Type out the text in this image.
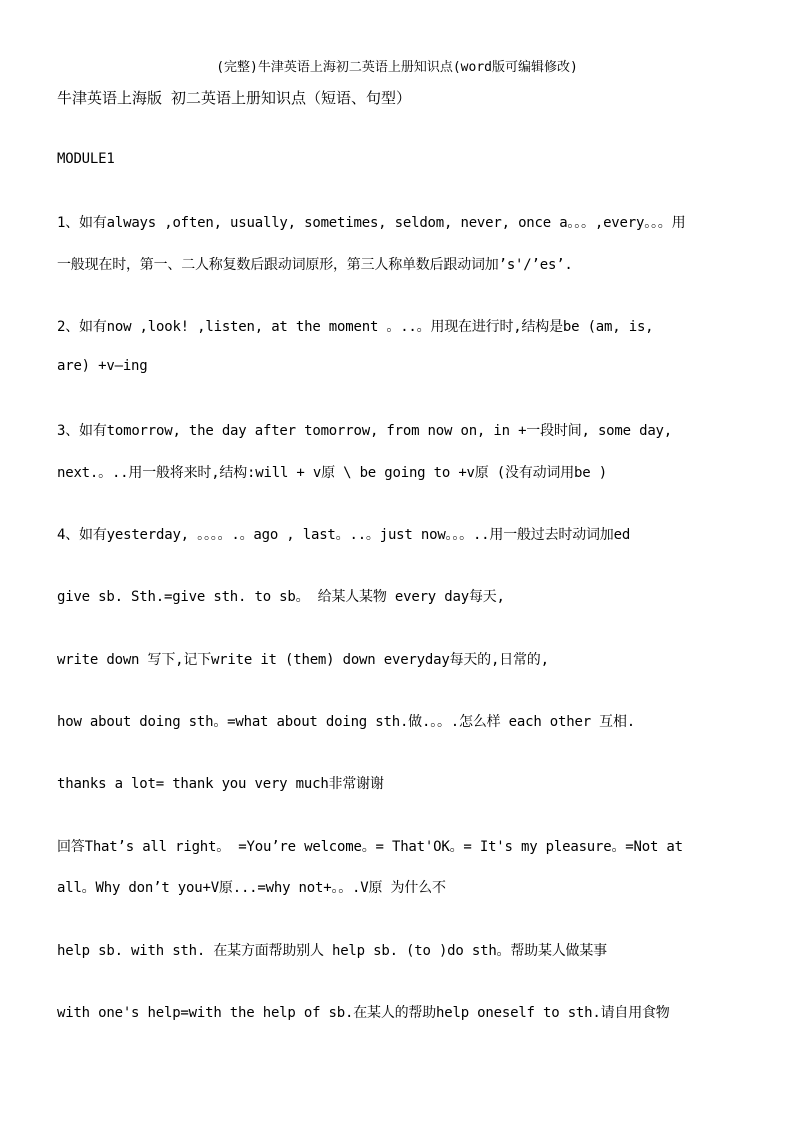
(完整)牛津英语上海初二英语上册知识点(word版可编辑修改)
牛津英语上海版 初二英语上册知识点（短语、句型）
MODULE1
1、如有always ,often, usually, sometimes, seldom, never, once a。。。,every。。。用
一般现在时，第一、二人称复数后跟动词原形，第三人称单数后跟动词加’s'/’es’.
2、如有now ,look! ,listen, at the moment 。..。用现在进行时,结构是be (am, is,
are) +v—ing
3、如有tomorrow, the day after tomorrow, from now on, in +一段时间, some day,
next.。..用一般将来时,结构:will + v原 \ be going to +v原 (没有动词用be )
4、如有yesterday, 。。。。.。ago , last。..。just now。。。..用一般过去时动词加ed
give sb. Sth.=give sth. to sb。 给某人某物 every day每天,
write down 写下,记下write it (them) down everyday每天的,日常的,
how about doing sth。=what about doing sth.做.。。.怎么样 each other 互相.
thanks a lot= thank you very much非常谢谢
回答That’s all right。 =You’re welcome。= That'OK。= It's my pleasure。=Not at
all。Why don’t you+V原...=why not+。。.V原 为什么不
help sb. with sth. 在某方面帮助别人 help sb. (to )do sth。帮助某人做某事
with one's help=with the help of sb.在某人的帮助help oneself to sth.请自用食物
